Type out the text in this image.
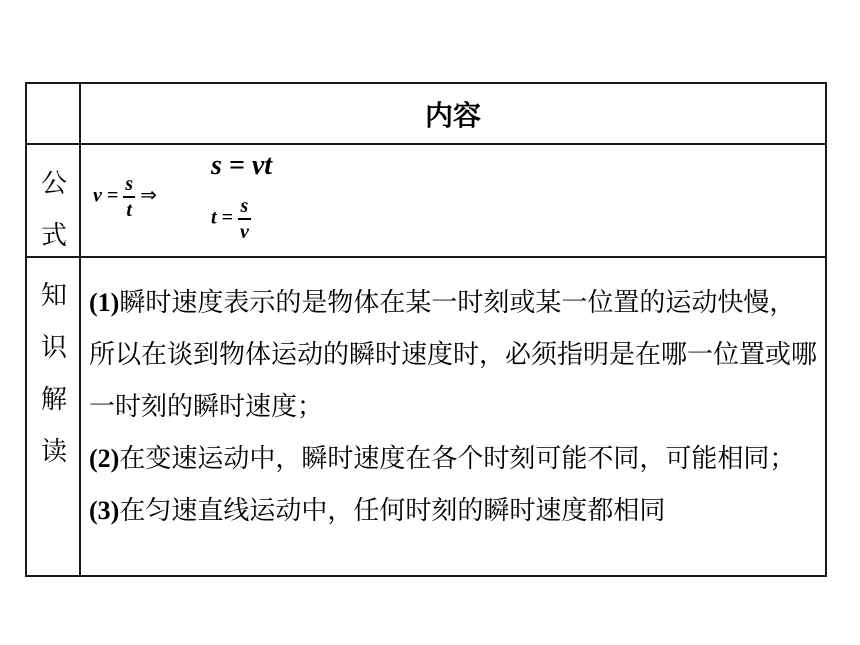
内容
公
式
$v = \frac{s}{t}$ ⇒
s = vt
$t = \frac{s}{v}$
知
识
解
读

(1)瞬时速度表示的是物体在某一时刻或某一位置的运动快慢，所以在谈到物体运动的瞬时速度时，必须指明是在哪一位置或哪一时刻的瞬时速度；

(2)在变速运动中，瞬时速度在各个时刻可能不同，可能相同；

(3)在匀速直线运动中，任何时刻的瞬时速度都相同
